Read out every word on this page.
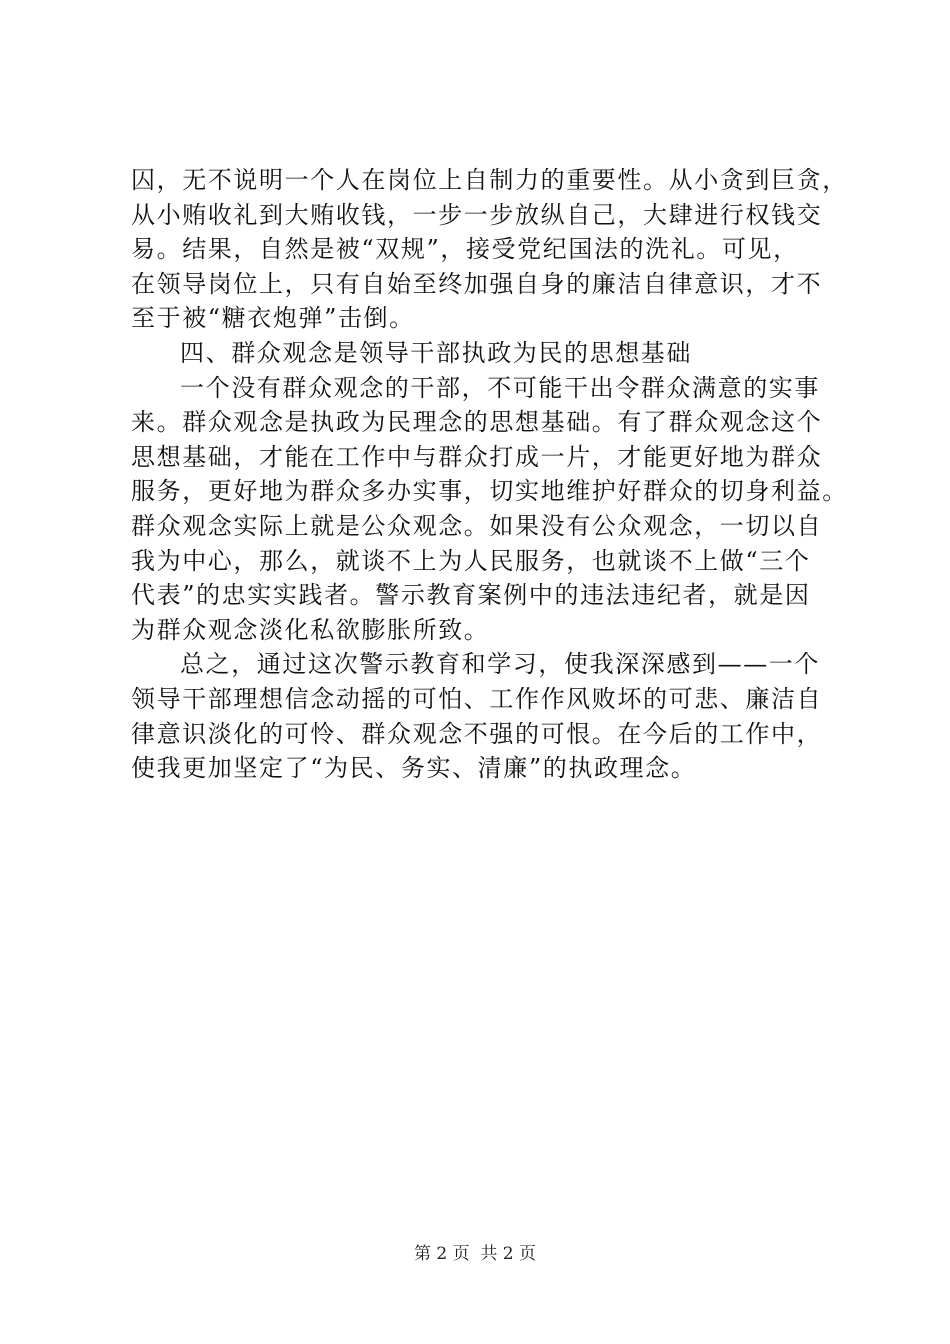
囚，无不说明一个人在岗位上自制力的重要性。从小贪到巨贪，
从小贿收礼到大贿收钱，一步一步放纵自己，大肆进行权钱交
易。结果，自然是被“双规”，接受党纪国法的洗礼。可见，
在领导岗位上，只有自始至终加强自身的廉洁自律意识，才不
至于被“糖衣炮弹”击倒。
四、群众观念是领导干部执政为民的思想基础
一个没有群众观念的干部，不可能干出令群众满意的实事
来。群众观念是执政为民理念的思想基础。有了群众观念这个
思想基础，才能在工作中与群众打成一片，才能更好地为群众
服务，更好地为群众多办实事，切实地维护好群众的切身利益。
群众观念实际上就是公众观念。如果没有公众观念，一切以自
我为中心，那么，就谈不上为人民服务，也就谈不上做“三个
代表”的忠实实践者。警示教育案例中的违法违纪者，就是因
为群众观念淡化私欲膨胀所致。
总之，通过这次警示教育和学习，使我深深感到——一个
领导干部理想信念动摇的可怕、工作作风败坏的可悲、廉洁自
律意识淡化的可怜、群众观念不强的可恨。在今后的工作中，
使我更加坚定了“为民、务实、清廉”的执政理念。
第 2 页  共 2 页
